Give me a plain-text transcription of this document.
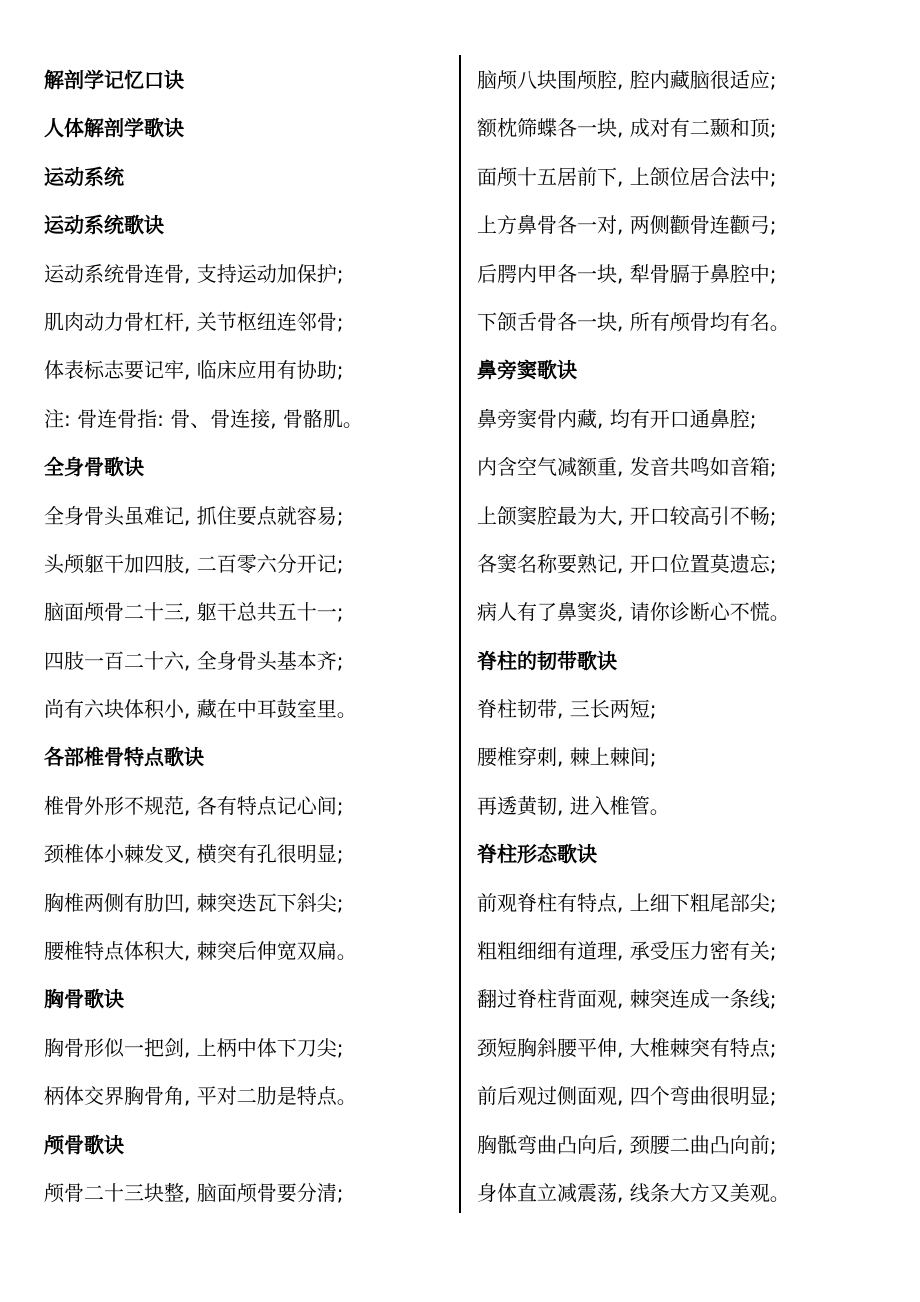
解剖学记忆口诀
人体解剖学歌诀
运动系统
运动系统歌诀
运动系统骨连骨, 支持运动加保护;
肌肉动力骨杠杆, 关节枢纽连邻骨;
体表标志要记牢, 临床应用有协助;
注: 骨连骨指: 骨、骨连接, 骨骼肌。
全身骨歌诀
全身骨头虽难记, 抓住要点就容易;
头颅躯干加四肢, 二百零六分开记;
脑面颅骨二十三, 躯干总共五十一;
四肢一百二十六, 全身骨头基本齐;
尚有六块体积小, 藏在中耳鼓室里。
各部椎骨特点歌诀
椎骨外形不规范, 各有特点记心间;
颈椎体小棘发叉, 横突有孔很明显;
胸椎两侧有肋凹, 棘突迭瓦下斜尖;
腰椎特点体积大, 棘突后伸宽双扁。
胸骨歌诀
胸骨形似一把剑, 上柄中体下刀尖;
柄体交界胸骨角, 平对二肋是特点。
颅骨歌诀
颅骨二十三块整, 脑面颅骨要分清;
脑颅八块围颅腔, 腔内藏脑很适应;
额枕筛蝶各一块, 成对有二颞和顶;
面颅十五居前下, 上颌位居合法中;
上方鼻骨各一对, 两侧颧骨连颧弓;
后腭内甲各一块, 犁骨膈于鼻腔中;
下颌舌骨各一块, 所有颅骨均有名。
鼻旁窦歌诀
鼻旁窦骨内藏, 均有开口通鼻腔;
内含空气减额重, 发音共鸣如音箱;
上颌窦腔最为大, 开口较高引不畅;
各窦名称要熟记, 开口位置莫遗忘;
病人有了鼻窦炎, 请你诊断心不慌。
脊柱的韧带歌诀
脊柱韧带, 三长两短;
腰椎穿刺, 棘上棘间;
再透黄韧, 进入椎管。
脊柱形态歌诀
前观脊柱有特点, 上细下粗尾部尖;
粗粗细细有道理, 承受压力密有关;
翻过脊柱背面观, 棘突连成一条线;
颈短胸斜腰平伸, 大椎棘突有特点;
前后观过侧面观, 四个弯曲很明显;
胸骶弯曲凸向后, 颈腰二曲凸向前;
身体直立减震荡, 线条大方又美观。
